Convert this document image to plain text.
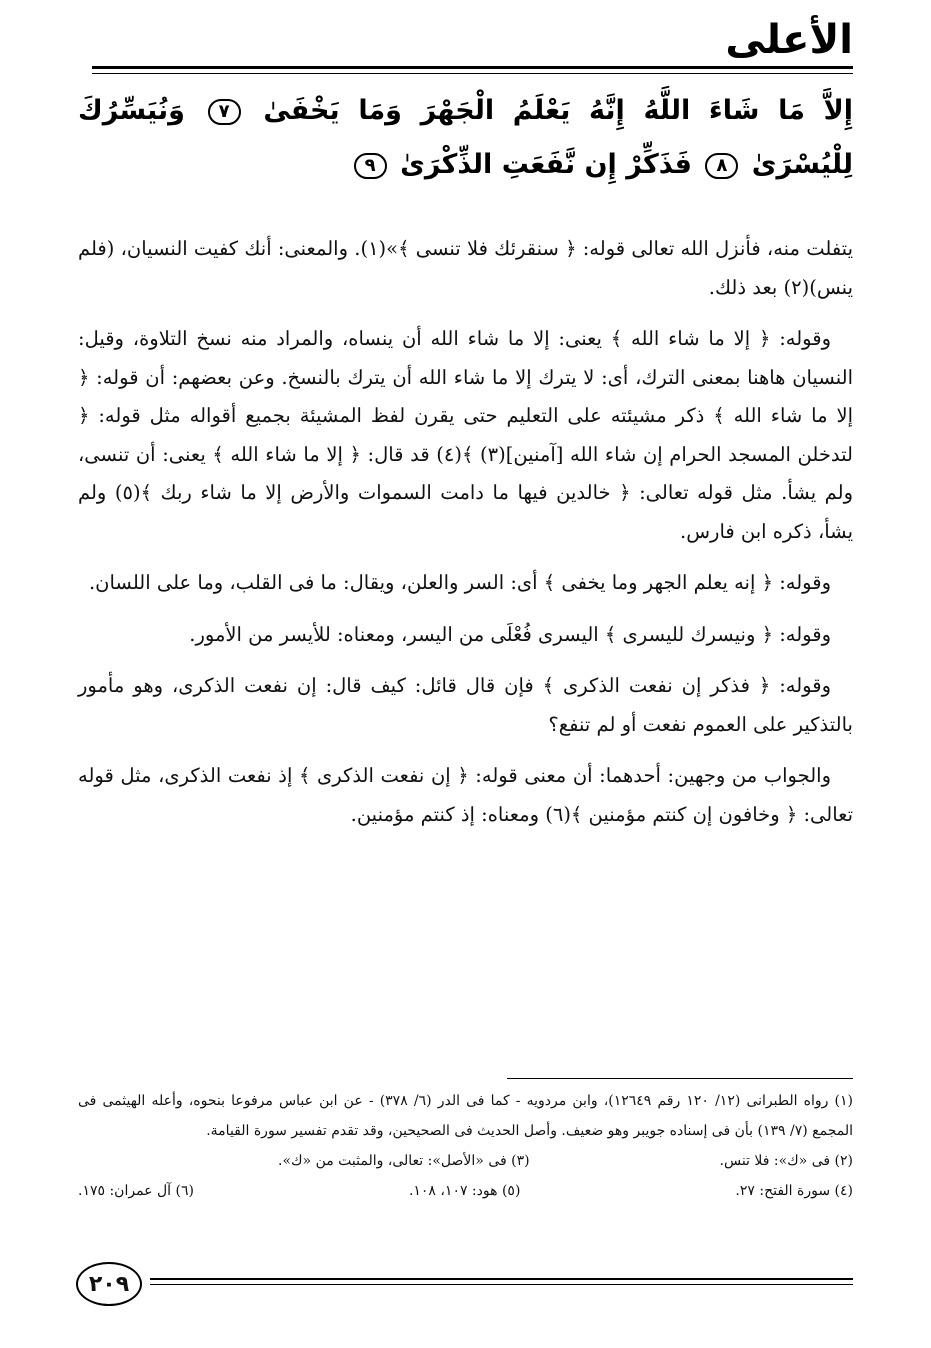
الأعلى
إِلاَّ مَا شَاءَ اللَّهُ إِنَّهُ يَعْلَمُ الْجَهْرَ وَمَا يَخْفَىٰ ٧ وَنُيَسِّرُكَ لِلْيُسْرَىٰ ٨ فَذَكِّرْ إِن نَّفَعَتِ الذِّكْرَىٰ ٩

يتفلت منه، فأنزل الله تعالى قوله: ﴿ سنقرئك فلا تنسى ﴾»(١). والمعنى: أنك كفيت النسيان، (فلم ينس)(٢) بعد ذلك.

وقوله: ﴿ إلا ما شاء الله ﴾ يعنى: إلا ما شاء الله أن ينساه، والمراد منه نسخ التلاوة، وقيل: النسيان هاهنا بمعنى الترك، أى: لا يترك إلا ما شاء الله أن يترك بالنسخ. وعن بعضهم: أن قوله: ﴿ إلا ما شاء الله ﴾ ذكر مشيئته على التعليم حتى يقرن لفظ المشيئة بجميع أقواله مثل قوله: ﴿ لتدخلن المسجد الحرام إن شاء الله [آمنين](٣) ﴾(٤) قد قال: ﴿ إلا ما شاء الله ﴾ يعنى: أن تنسى، ولم يشأ. مثل قوله تعالى: ﴿ خالدين فيها ما دامت السموات والأرض إلا ما شاء ربك ﴾(٥) ولم يشأ، ذكره ابن فارس.

وقوله: ﴿ إنه يعلم الجهر وما يخفى ﴾ أى: السر والعلن، ويقال: ما فى القلب، وما على اللسان.

وقوله: ﴿ ونيسرك لليسرى ﴾ اليسرى فُعْلَى من اليسر، ومعناه: للأيسر من الأمور.

وقوله: ﴿ فذكر إن نفعت الذكرى ﴾ فإن قال قائل: كيف قال: إن نفعت الذكرى، وهو مأمور بالتذكير على العموم نفعت أو لم تنفع؟

والجواب من وجهين: أحدهما: أن معنى قوله: ﴿ إن نفعت الذكرى ﴾ إذ نفعت الذكرى، مثل قوله تعالى: ﴿ وخافون إن كنتم مؤمنين ﴾(٦) ومعناه: إذ كنتم مؤمنين.

(١) رواه الطبرانى (١٢/ ١٢٠ رقم ١٢٦٤٩)، وابن مردويه - كما فى الدر (٦/ ٣٧٨) - عن ابن عباس مرفوعا بنحوه، وأعله الهيثمى فى المجمع (٧/ ١٣٩) بأن فى إسناده جويبر وهو ضعيف. وأصل الحديث فى الصحيحين، وقد تقدم تفسير سورة القيامة.

(٢) فى «ك»: فلا تنس.
(٣) فى «الأصل»: تعالى، والمثبت من «ك».
(٤) سورة الفتح: ٢٧.
(٥) هود: ١٠٧، ١٠٨.
(٦) آل عمران: ١٧٥.
٢٠٩
